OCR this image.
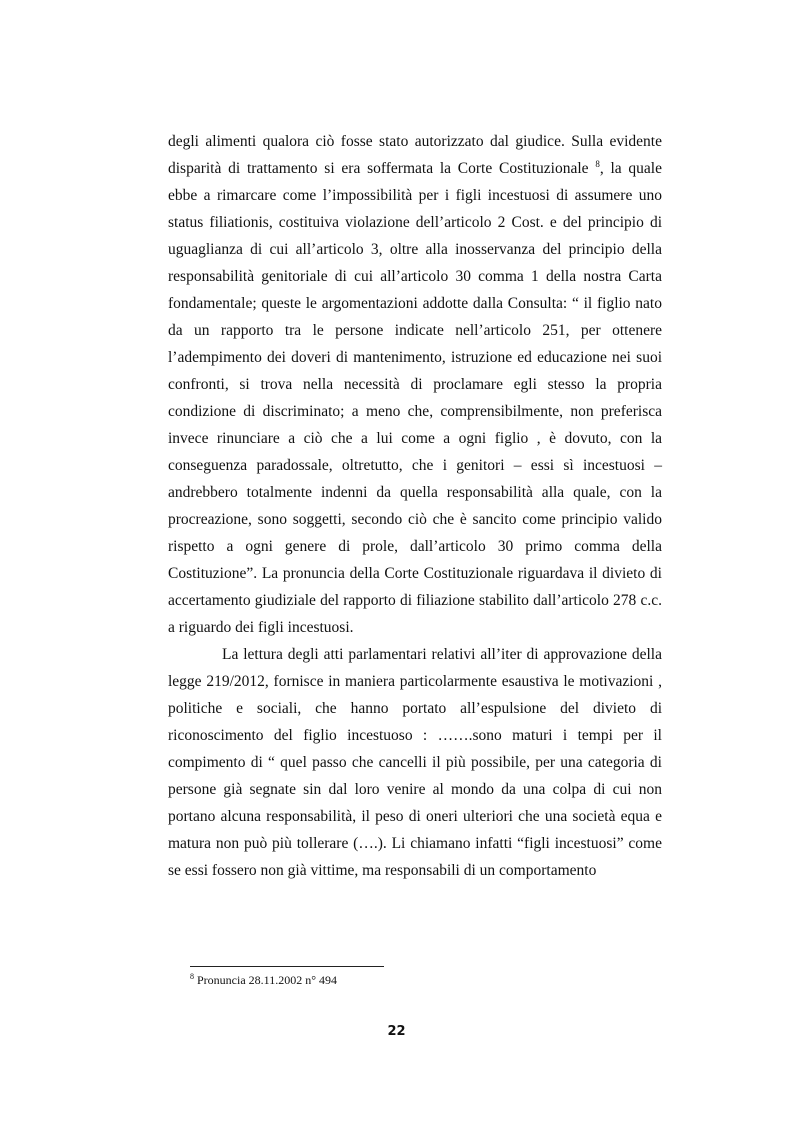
degli alimenti qualora ciò fosse stato autorizzato dal giudice. Sulla evidente disparità di trattamento si era soffermata la Corte Costituzionale $^8$, la quale ebbe a rimarcare come l’impossibilità per i figli incestuosi di assumere uno status filiationis, costituiva violazione dell’articolo 2 Cost. e del principio di uguaglianza di cui all’articolo 3, oltre alla inosservanza del principio della responsabilità genitoriale di cui all’articolo 30 comma 1 della nostra Carta fondamentale; queste le argomentazioni addotte dalla Consulta: “ il figlio nato da un rapporto tra le persone indicate nell’articolo 251, per ottenere l’adempimento dei doveri di mantenimento, istruzione ed educazione nei suoi confronti, si trova nella necessità di proclamare egli stesso la propria condizione di discriminato; a meno che, comprensibilmente, non preferisca invece rinunciare a ciò che a lui come a ogni figlio , è dovuto, con la conseguenza paradossale, oltretutto, che i genitori – essi sì incestuosi – andrebbero totalmente indenni da quella responsabilità alla quale, con la procreazione, sono soggetti, secondo ciò che è sancito come principio valido rispetto a ogni genere di prole, dall’articolo 30 primo comma della Costituzione”. La pronuncia della Corte Costituzionale riguardava il divieto di accertamento giudiziale del rapporto di filiazione stabilito dall’articolo 278 c.c. a riguardo dei figli incestuosi.

La lettura degli atti parlamentari relativi all’iter di approvazione della legge 219/2012, fornisce in maniera particolarmente esaustiva le motivazioni , politiche e sociali, che hanno portato all’espulsione del divieto di riconoscimento del figlio incestuoso : …….sono maturi i tempi per il compimento di “ quel passo che cancelli il più possibile, per una categoria di persone già segnate sin dal loro venire al mondo da una colpa di cui non portano alcuna responsabilità, il peso di oneri ulteriori che una società equa e matura non può più tollerare (….). Li chiamano infatti “figli incestuosi” come se essi fossero non già vittime, ma responsabili di un comportamento

$^8$ Pronuncia 28.11.2002 n° 494
22
